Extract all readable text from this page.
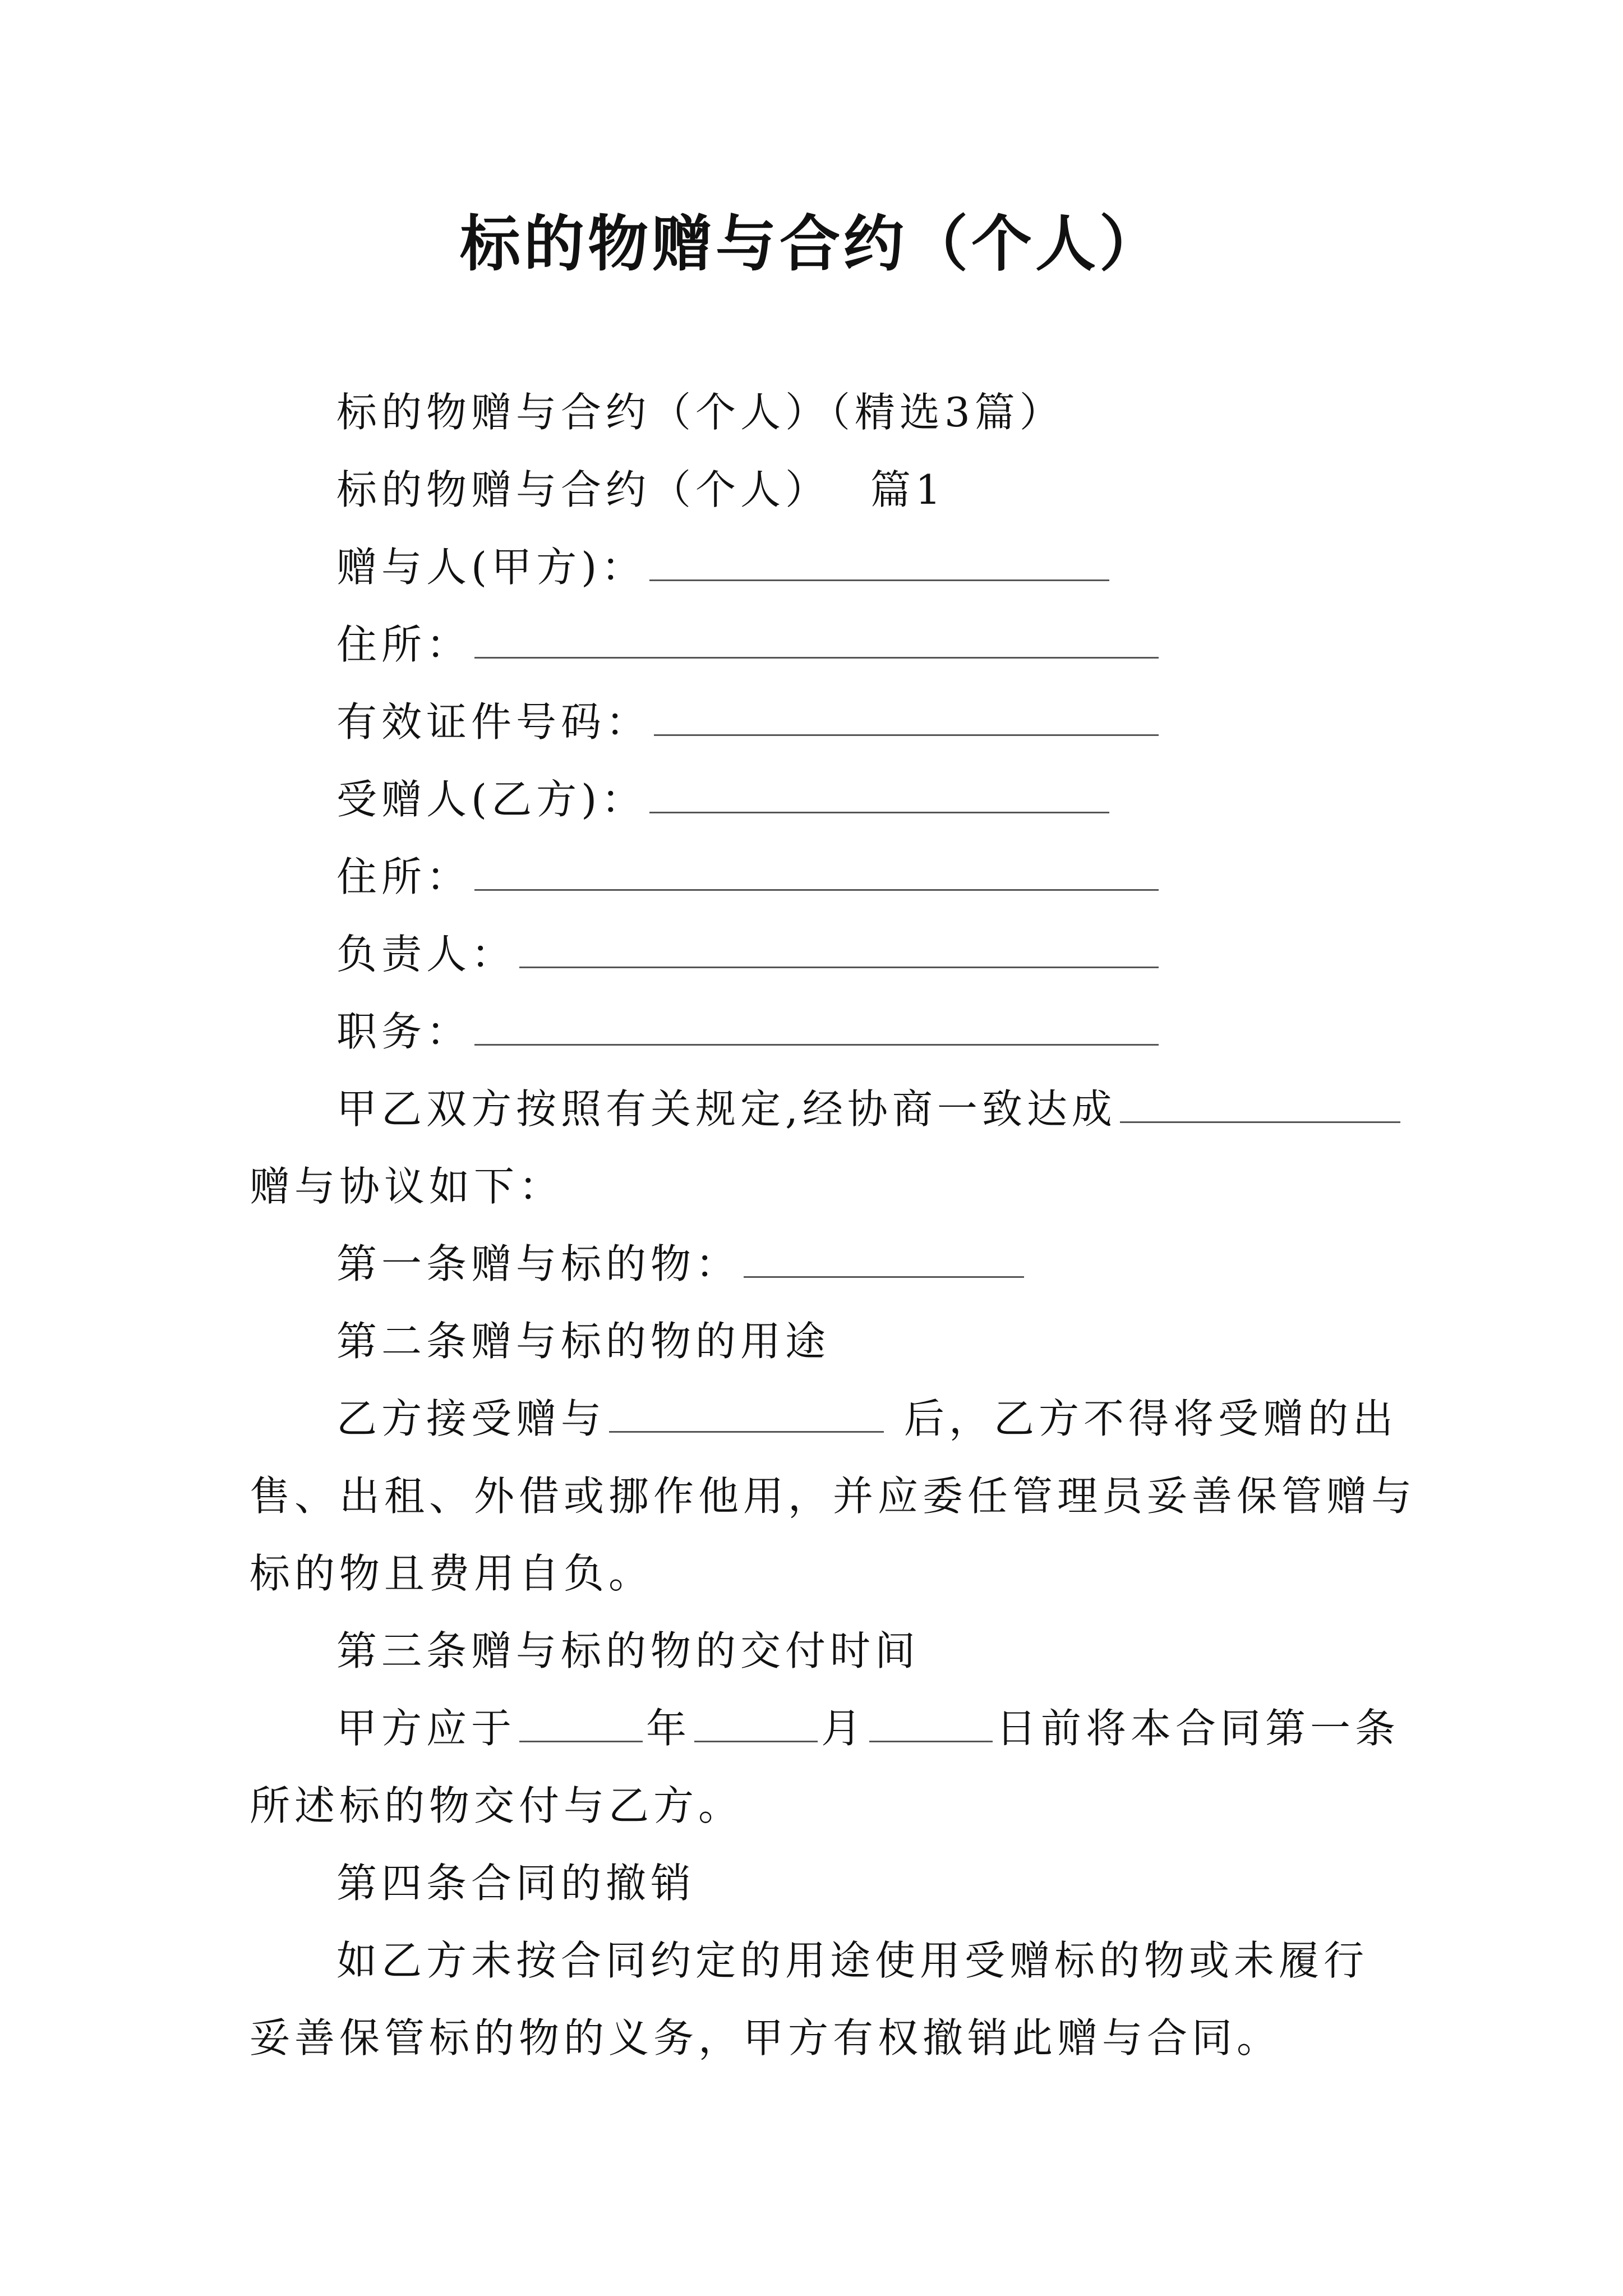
标的物赠与合约（个人）
标的物赠与合约（个人）（精选3篇）
标的物赠与合约（个人） 篇1
赠与人(甲方)：
住所：
有效证件号码：
受赠人(乙方)：
住所：
负责人：
职务：
甲乙双方按照有关规定,经协商一致达成
赠与协议如下：
第一条赠与标的物：
第二条赠与标的物的用途
乙方接受赠与	后，乙方不得将受赠的出
售、出租、外借或挪作他用，并应委任管理员妥善保管赠与
标的物且费用自负。
第三条赠与标的物的交付时间
甲方应于	年	月	日前将本合同第一条
所述标的物交付与乙方。
第四条合同的撤销
如乙方未按合同约定的用途使用受赠标的物或未履行
妥善保管标的物的义务，甲方有权撤销此赠与合同。
